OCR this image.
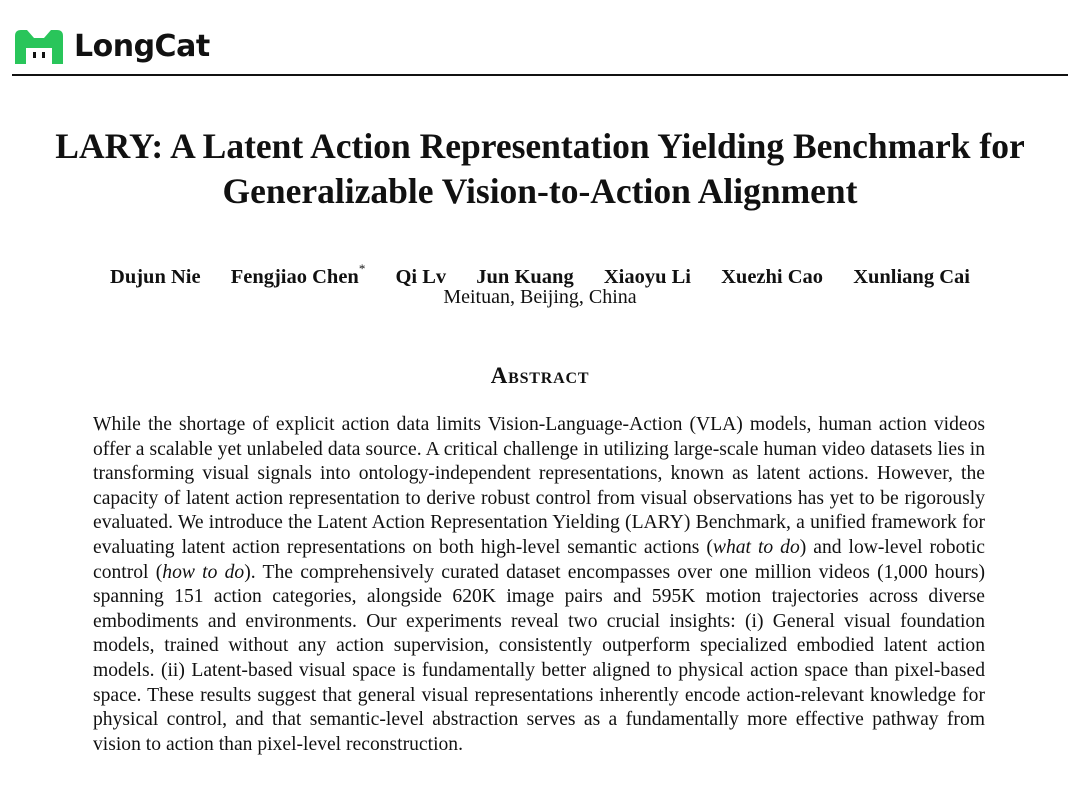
LongCat
LARY: A Latent Action Representation Yielding Benchmark for
Generalizable Vision-to-Action Alignment
Dujun Nie Fengjiao Chen* Qi Lv Jun Kuang Xiaoyu Li Xuezhi Cao Xunliang Cai
Meituan, Beijing, China
Abstract

While the shortage of explicit action data limits Vision-Language-Action (VLA) models, human action videos offer a scalable yet unlabeled data source. A critical challenge in utilizing large-scale human video datasets lies in transforming visual signals into ontology-independent representations, known as latent actions. However, the capacity of latent action representation to derive robust control from visual observations has yet to be rigorously evaluated. We introduce the Latent Action Representation Yielding (LARY) Benchmark, a unified framework for evaluating latent action representations on both high-level semantic actions (what to do) and low-level robotic control (how to do). The comprehensively curated dataset encompasses over one million videos (1,000 hours) spanning 151 action categories, alongside 620K image pairs and 595K motion trajectories across diverse embodiments and environments. Our experiments reveal two crucial insights: (i) General visual foundation models, trained without any action supervision, consistently outperform specialized embodied latent action models. (ii) Latent-based visual space is fundamentally better aligned to physical action space than pixel-based space. These results suggest that general visual representations inherently encode action-relevant knowledge for physical control, and that semantic-level abstraction serves as a fundamentally more effective pathway from vision to action than pixel-level reconstruction.
